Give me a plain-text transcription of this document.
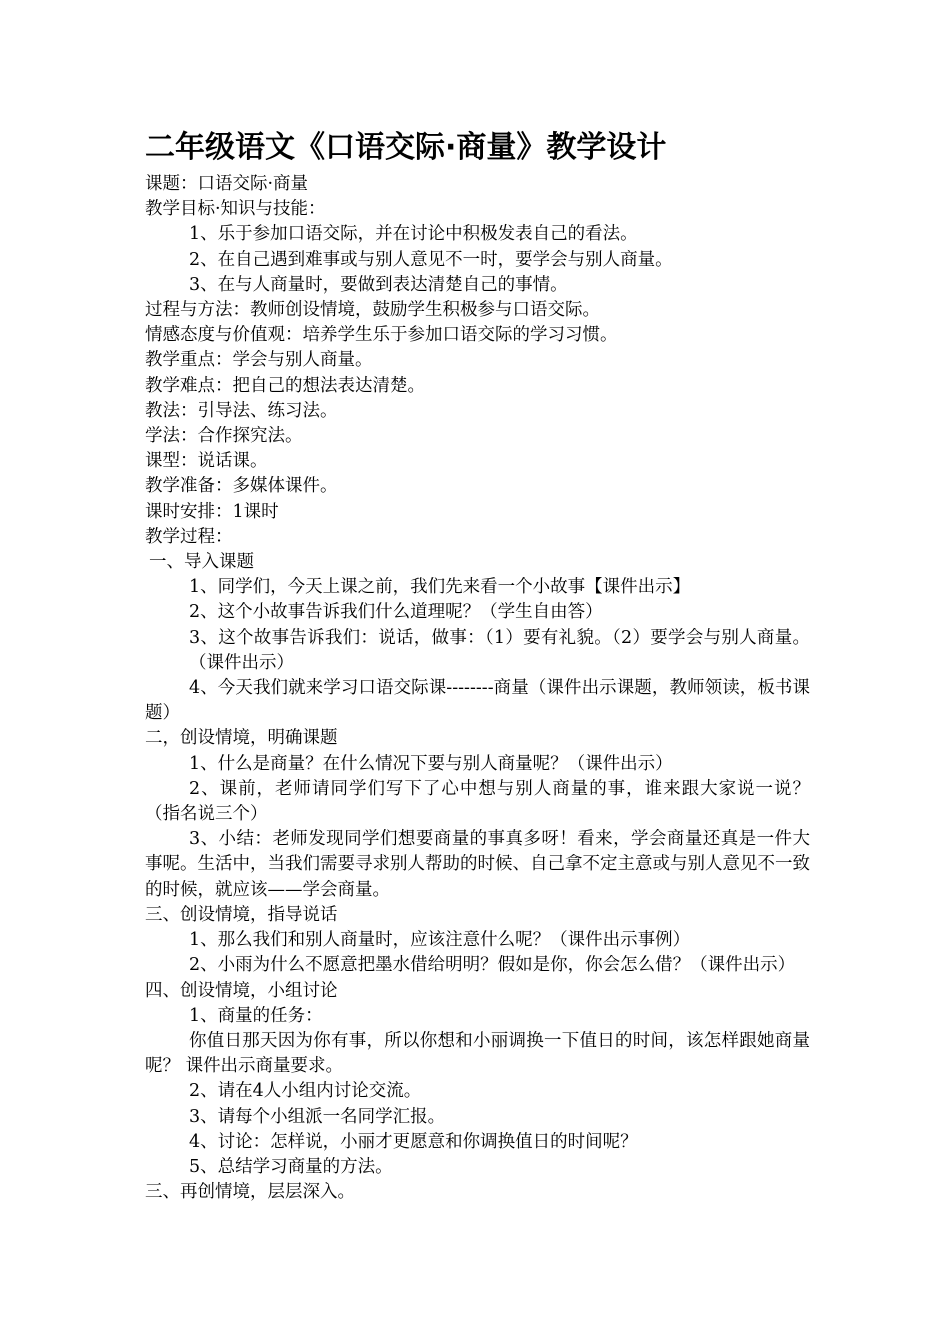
二年级语文《口语交际·商量》教学设计
课题：口语交际·商量
教学目标·知识与技能：
1、乐于参加口语交际，并在讨论中积极发表自己的看法。
2、在自己遇到难事或与别人意见不一时，要学会与别人商量。
3、在与人商量时，要做到表达清楚自己的事情。
过程与方法：教师创设情境，鼓励学生积极参与口语交际。
情感态度与价值观：培养学生乐于参加口语交际的学习习惯。
教学重点：学会与别人商量。
教学难点：把自己的想法表达清楚。
教法：引导法、练习法。
学法：合作探究法。
课型：说话课。
教学准备：多媒体课件。
课时安排：1课时
教学过程：
一、导入课题
1、同学们，今天上课之前，我们先来看一个小故事【课件出示】
2、这个小故事告诉我们什么道理呢？（学生自由答）
3、这个故事告诉我们：说话，做事：（1）要有礼貌。（2）要学会与别人商量。（课件出示）
4、今天我们就来学习口语交际课--------商量（课件出示课题，教师领读，板书课题）
二，创设情境，明确课题
1、什么是商量？在什么情况下要与别人商量呢？（课件出示）
2、课前，老师请同学们写下了心中想与别人商量的事，谁来跟大家说一说？（指名说三个）
3、小结：老师发现同学们想要商量的事真多呀！看来，学会商量还真是一件大事呢。生活中，当我们需要寻求别人帮助的时候、自己拿不定主意或与别人意见不一致的时候，就应该——学会商量。
三、创设情境，指导说话
1、那么我们和别人商量时，应该注意什么呢？（课件出示事例）
2、小雨为什么不愿意把墨水借给明明？假如是你，你会怎么借？（课件出示）
四、创设情境，小组讨论
1、商量的任务：
你值日那天因为你有事，所以你想和小丽调换一下值日的时间，该怎样跟她商量呢？ 课件出示商量要求。
2、请在4人小组内讨论交流。
3、请每个小组派一名同学汇报。
4、讨论：怎样说，小丽才更愿意和你调换值日的时间呢？
5、总结学习商量的方法。
三、再创情境，层层深入。
